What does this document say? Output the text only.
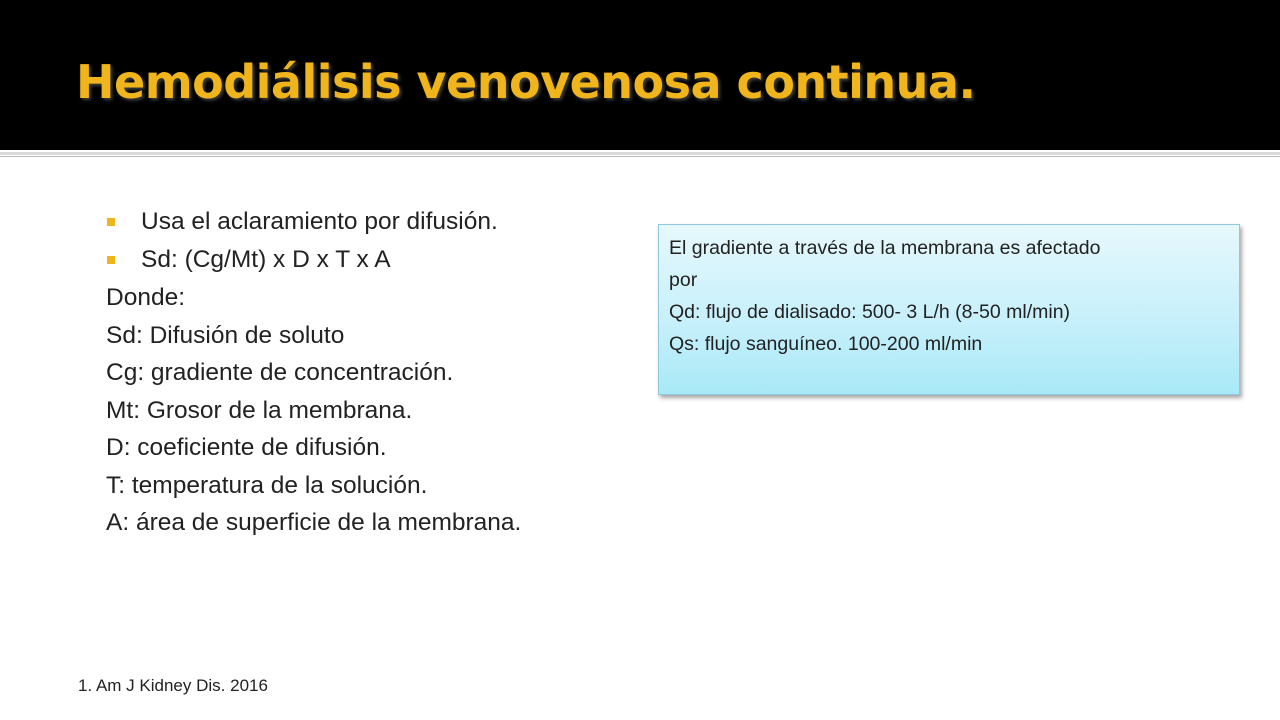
Hemodiálisis venovenosa continua.
Usa el aclaramiento por difusión.
Sd: (Cg/Mt) x D x T x A
Donde:
Sd: Difusión de soluto
Cg: gradiente de concentración.
Mt: Grosor de la membrana.
D: coeficiente de difusión.
T: temperatura de la solución.
A: área de superficie de la membrana.
El gradiente a través de la membrana es afectado
por
Qd: flujo de dialisado: 500- 3 L/h (8-50 ml/min)
Qs: flujo sanguíneo. 100-200 ml/min
1. Am J Kidney Dis. 2016
